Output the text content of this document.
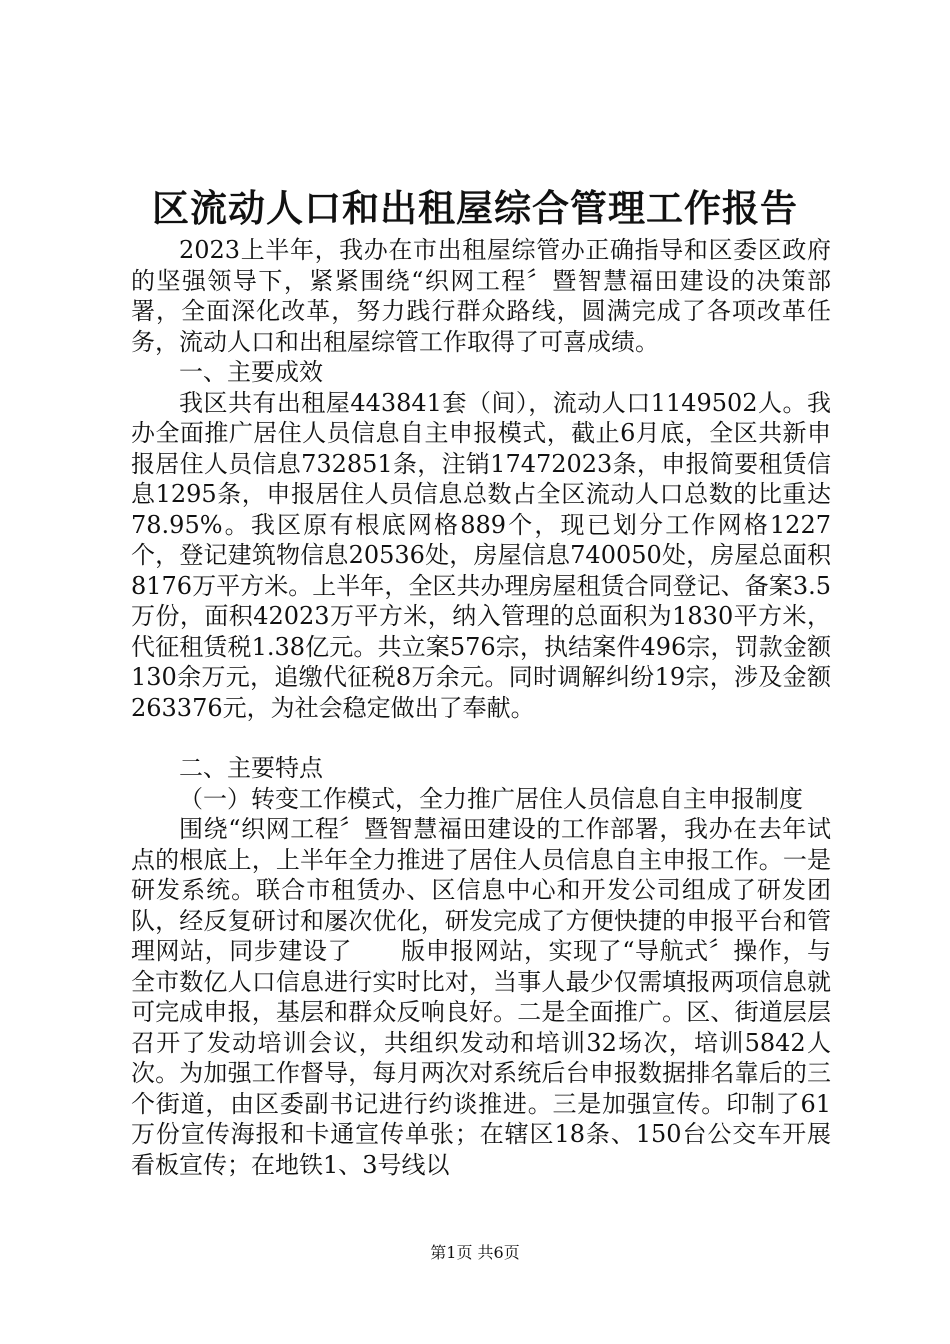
区流动人口和出租屋综合管理工作报告

2023上半年，我办在市出租屋综管办正确指导和区委区政府的坚强领导下，紧紧围绕“织网工程〞暨智慧福田建设的决策部署，全面深化改革，努力践行群众路线，圆满完成了各项改革任务，流动人口和出租屋综管工作取得了可喜成绩。

一、主要成效

我区共有出租屋443841套（间），流动人口1149502人。我办全面推广居住人员信息自主申报模式，截止6月底，全区共新申报居住人员信息732851条，注销17472023条，申报简要租赁信息1295条，申报居住人员信息总数占全区流动人口总数的比重达78.95%。我区原有根底网格889个，现已划分工作网格1227个，登记建筑物信息20536处，房屋信息740050处，房屋总面积8176万平方米。上半年，全区共办理房屋租赁合同登记、备案3.5万份，面积42023万平方米，纳入管理的总面积为1830平方米，代征租赁税1.38亿元。共立案576宗，执结案件496宗，罚款金额130余万元，追缴代征税8万余元。同时调解纠纷19宗，涉及金额263376元，为社会稳定做出了奉献。

二、主要特点

（一）转变工作模式，全力推广居住人员信息自主申报制度

围绕“织网工程〞暨智慧福田建设的工作部署，我办在去年试点的根底上，上半年全力推进了居住人员信息自主申报工作。一是研发系统。联合市租赁办、区信息中心和开发公司组成了研发团队，经反复研讨和屡次优化，研发完成了方便快捷的申报平台和管理网站，同步建设了　　版申报网站，实现了“导航式〞操作，与全市数亿人口信息进行实时比对，当事人最少仅需填报两项信息就可完成申报，基层和群众反响良好。二是全面推广。区、街道层层召开了发动培训会议，共组织发动和培训32场次，培训5842人次。为加强工作督导，每月两次对系统后台申报数据排名靠后的三个街道，由区委副书记进行约谈推进。三是加强宣传。印制了61万份宣传海报和卡通宣传单张；在辖区18条、150台公交车开展看板宣传；在地铁1、3号线以

第1页 共6页
